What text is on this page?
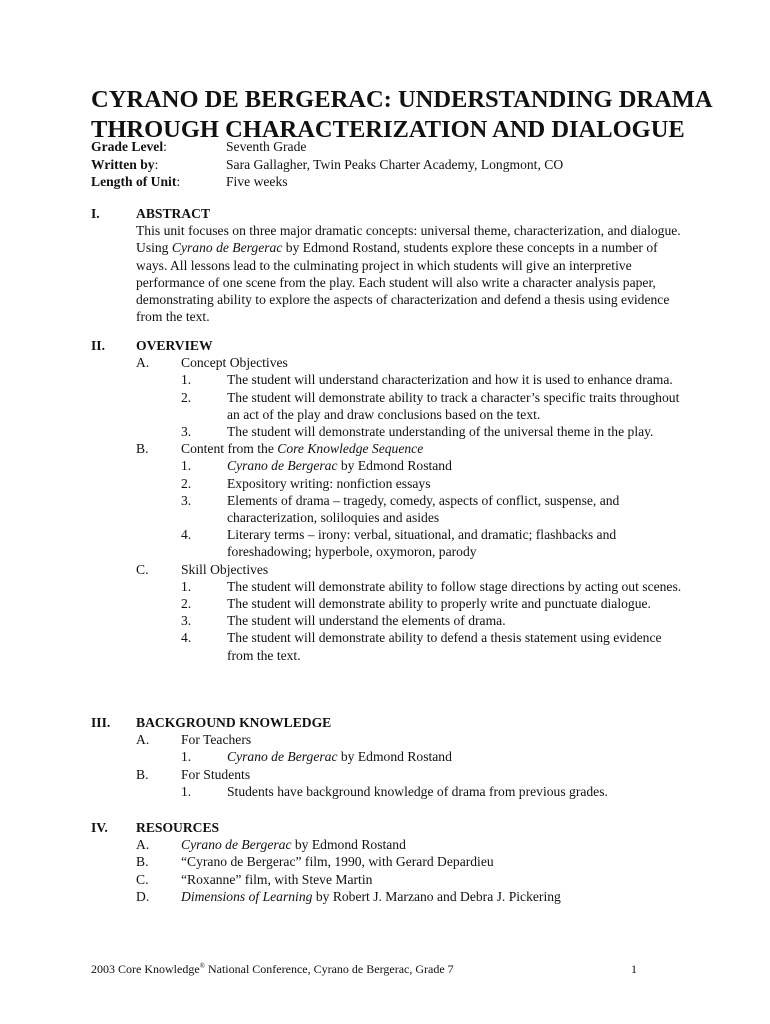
CYRANO DE BERGERAC: UNDERSTANDING DRAMA THROUGH CHARACTERIZATION AND DIALOGUE
Grade Level:	Seventh Grade
Written by:	Sara Gallagher, Twin Peaks Charter Academy, Longmont, CO
Length of Unit:	Five weeks
I.	ABSTRACT

This unit focuses on three major dramatic concepts: universal theme, characterization, and dialogue. Using Cyrano de Bergerac by Edmond Rostand, students explore these concepts in a number of ways. All lessons lead to the culminating project in which students will give an interpretive performance of one scene from the play. Each student will also write a character analysis paper, demonstrating ability to explore the aspects of characterization and defend a thesis using evidence from the text.

II. OVERVIEW
A. Concept Objectives
1.	The student will understand characterization and how it is used to enhance drama.
2.	The student will demonstrate ability to track a character’s specific traits throughout an act of the play and draw conclusions based on the text.
3.	The student will demonstrate understanding of the universal theme in the play.
B. Content from the Core Knowledge Sequence
1.	Cyrano de Bergerac by Edmond Rostand
2.	Expository writing: nonfiction essays
3.	Elements of drama – tragedy, comedy, aspects of conflict, suspense, and characterization, soliloquies and asides
4.	Literary terms – irony: verbal, situational, and dramatic; flashbacks and foreshadowing; hyperbole, oxymoron, parody
C. Skill Objectives
1.	The student will demonstrate ability to follow stage directions by acting out scenes.
2.	The student will demonstrate ability to properly write and punctuate dialogue.
3.	The student will understand the elements of drama.
4.	The student will demonstrate ability to defend a thesis statement using evidence from the text.
III. BACKGROUND KNOWLEDGE
A. For Teachers
1.	Cyrano de Bergerac by Edmond Rostand
B. For Students
1.	Students have background knowledge of drama from previous grades.
IV. RESOURCES
A. Cyrano de Bergerac by Edmond Rostand
B. “Cyrano de Bergerac” film, 1990, with Gerard Depardieu
C. “Roxanne” film, with Steve Martin
D. Dimensions of Learning by Robert J. Marzano and Debra J. Pickering
2003 Core Knowledge® National Conference, Cyrano de Bergerac, Grade 7	1
